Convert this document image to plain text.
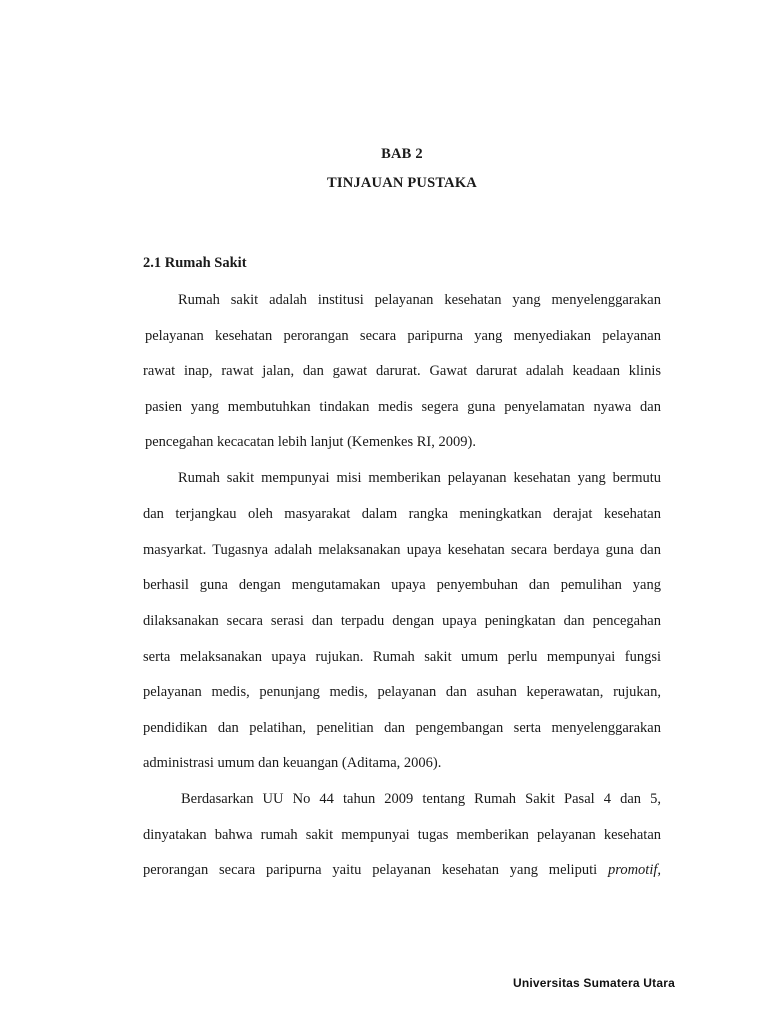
BAB 2
TINJAUAN PUSTAKA
2.1 Rumah Sakit
Rumah sakit adalah institusi pelayanan kesehatan yang menyelenggarakan
pelayanan kesehatan perorangan secara paripurna yang menyediakan pelayanan
rawat inap, rawat jalan, dan gawat darurat. Gawat darurat adalah keadaan klinis
pasien yang membutuhkan tindakan medis segera guna penyelamatan nyawa dan
pencegahan kecacatan lebih lanjut (Kemenkes RI, 2009).
Rumah sakit mempunyai misi memberikan pelayanan kesehatan yang bermutu
dan terjangkau oleh masyarakat dalam rangka meningkatkan derajat kesehatan
masyarkat. Tugasnya adalah melaksanakan upaya kesehatan secara berdaya guna dan
berhasil guna dengan mengutamakan upaya penyembuhan dan pemulihan yang
dilaksanakan secara serasi dan terpadu dengan upaya peningkatan dan pencegahan
serta melaksanakan upaya rujukan. Rumah sakit umum perlu mempunyai fungsi
pelayanan medis, penunjang medis, pelayanan dan asuhan keperawatan, rujukan,
pendidikan dan pelatihan, penelitian dan pengembangan serta menyelenggarakan
administrasi umum dan keuangan (Aditama, 2006).
Berdasarkan UU No 44 tahun 2009 tentang Rumah Sakit Pasal 4 dan 5,
dinyatakan bahwa rumah sakit mempunyai tugas memberikan pelayanan kesehatan
perorangan secara paripurna yaitu pelayanan kesehatan yang meliputi promotif,
Universitas Sumatera Utara
